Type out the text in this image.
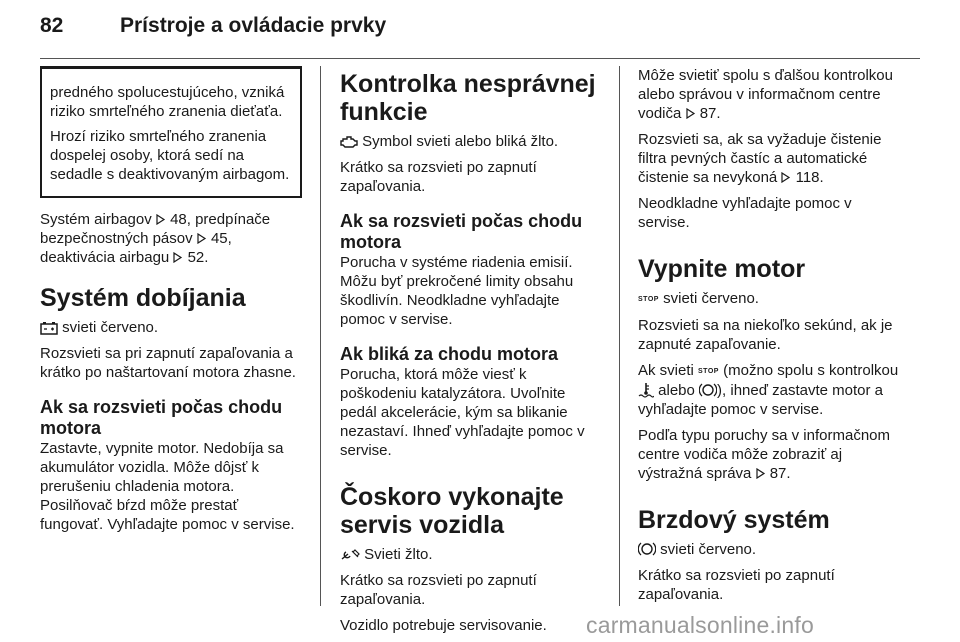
82	Prístroje a ovládacie prvky

predného spolucestujúceho, vzniká riziko smrteľného zranenia dieťaťa.

Hrozí riziko smrteľného zranenia dospelej osoby, ktorá sedí na sedadle s deaktivovaným airbagom.

Systém airbagov  48, predpínače bezpečnostných pásov  45, deaktivácia airbagu  52.

Systém dobíjania

svieti červeno.

Rozsvieti sa pri zapnutí zapaľovania a krátko po naštartovaní motora zhasne.

Ak sa rozsvieti počas chodu motora

Zastavte, vypnite motor. Nedobíja sa akumulátor vozidla. Môže dôjsť k prerušeniu chladenia motora. Posilňovač bŕzd môže prestať fungovať. Vyhľadajte pomoc v servise.

Kontrolka nesprávnej funkcie

Symbol svieti alebo bliká žlto.

Krátko sa rozsvieti po zapnutí zapaľovania.

Ak sa rozsvieti počas chodu motora

Porucha v systéme riadenia emisií. Môžu byť prekročené limity obsahu škodlivín. Neodkladne vyhľadajte pomoc v servise.

Ak bliká za chodu motora

Porucha, ktorá môže viesť k poškodeniu katalyzátora. Uvoľnite pedál akcelerácie, kým sa blikanie nezastaví. Ihneď vyhľadajte pomoc v servise.

Čoskoro vykonajte servis vozidla

Svieti žlto.

Krátko sa rozsvieti po zapnutí zapaľovania.

Vozidlo potrebuje servisovanie.

Môže svietiť spolu s ďalšou kontrolkou alebo správou v informačnom centre vodiča  87.

Rozsvieti sa, ak sa vyžaduje čistenie filtra pevných častíc a automatické čistenie sa nevykoná  118.

Neodkladne vyhľadajte pomoc v servise.

Vypnite motor

STOP svieti červeno.

Rozsvieti sa na niekoľko sekúnd, ak je zapnuté zapaľovanie.

Ak svieti STOP (možno spolu s kontrolkou  alebo ), ihneď zastavte motor a vyhľadajte pomoc v servise.

Podľa typu poruchy sa v informačnom centre vodiča môže zobraziť aj výstražná správa  87.

Brzdový systém

svieti červeno.

Krátko sa rozsvieti po zapnutí zapaľovania.

carmanualsonline.info
